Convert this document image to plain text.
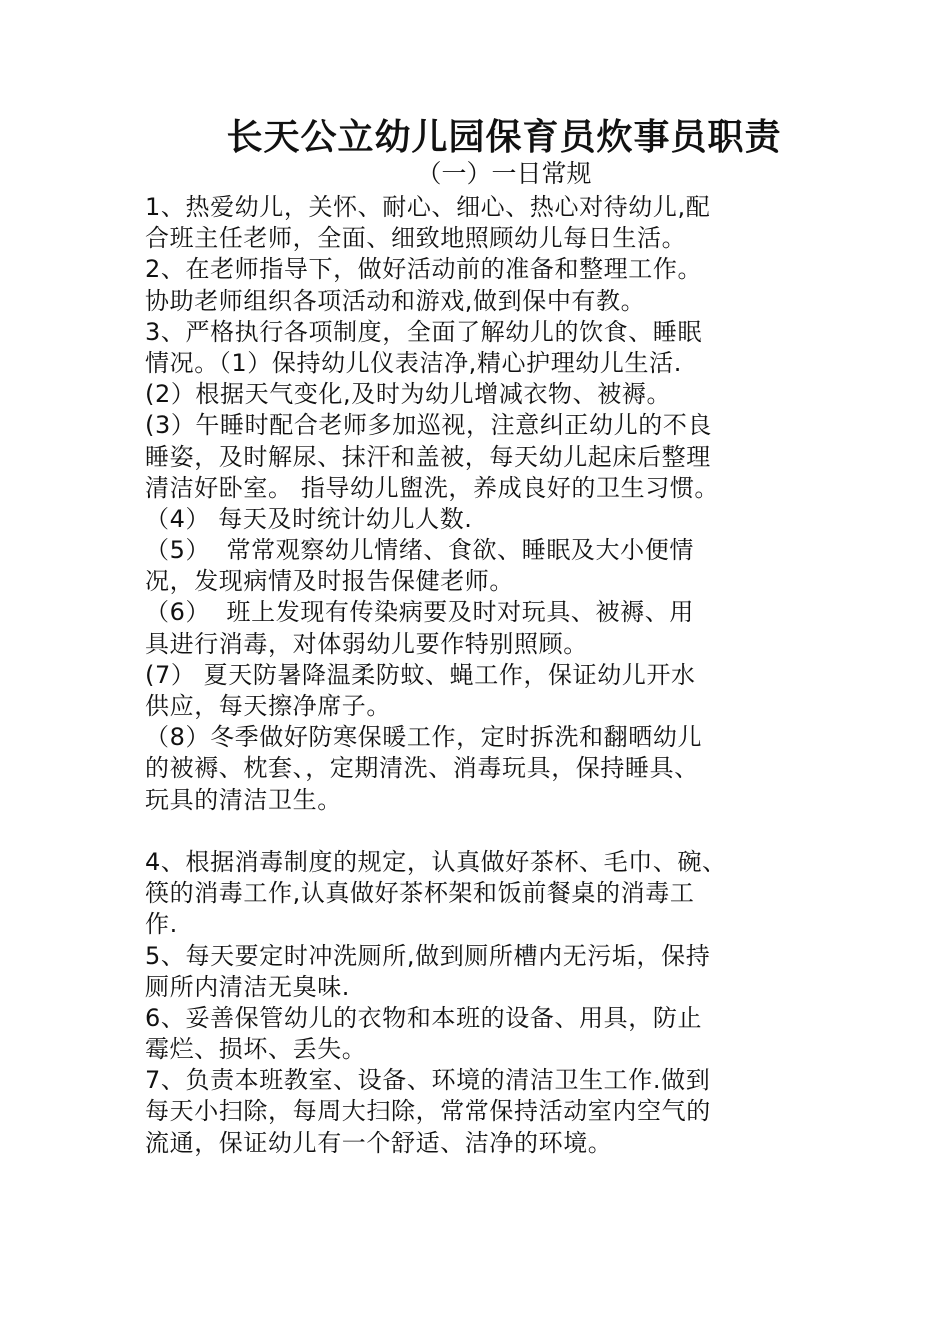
长天公立幼儿园保育员炊事员职责
（一）一日常规
1、热爱幼儿，关怀、耐心、细心、热心对待幼儿,配
合班主任老师，全面、细致地照顾幼儿每日生活。
2、在老师指导下，做好活动前的准备和整理工作。
协助老师组织各项活动和游戏,做到保中有教。
3、严格执行各项制度，全面了解幼儿的饮食、睡眠
情况。（1）保持幼儿仪表洁净,精心护理幼儿生活.
(2）根据天气变化,及时为幼儿增减衣物、被褥。
(3）午睡时配合老师多加巡视，注意纠正幼儿的不良
睡姿，及时解尿、抹汗和盖被，每天幼儿起床后整理
清洁好卧室。 指导幼儿盥洗，养成良好的卫生习惯。
（4） 每天及时统计幼儿人数.
（5）  常常观察幼儿情绪、食欲、睡眠及大小便情
况，发现病情及时报告保健老师。
（6）  班上发现有传染病要及时对玩具、被褥、用
具进行消毒，对体弱幼儿要作特别照顾。
(7） 夏天防暑降温柔防蚊、蝇工作，保证幼儿开水
供应，每天擦净席子。
（8）冬季做好防寒保暖工作，定时拆洗和翻晒幼儿
的被褥、枕套、，定期清洗、消毒玩具，保持睡具、
玩具的清洁卫生。
4、根据消毒制度的规定，认真做好茶杯、毛巾、碗、
筷的消毒工作,认真做好茶杯架和饭前餐桌的消毒工
作.
5、每天要定时冲洗厕所,做到厕所槽内无污垢，保持
厕所内清洁无臭味.
6、妥善保管幼儿的衣物和本班的设备、用具，防止
霉烂、损坏、丢失。
7、负责本班教室、设备、环境的清洁卫生工作.做到
每天小扫除，每周大扫除，常常保持活动室内空气的
流通，保证幼儿有一个舒适、洁净的环境。
